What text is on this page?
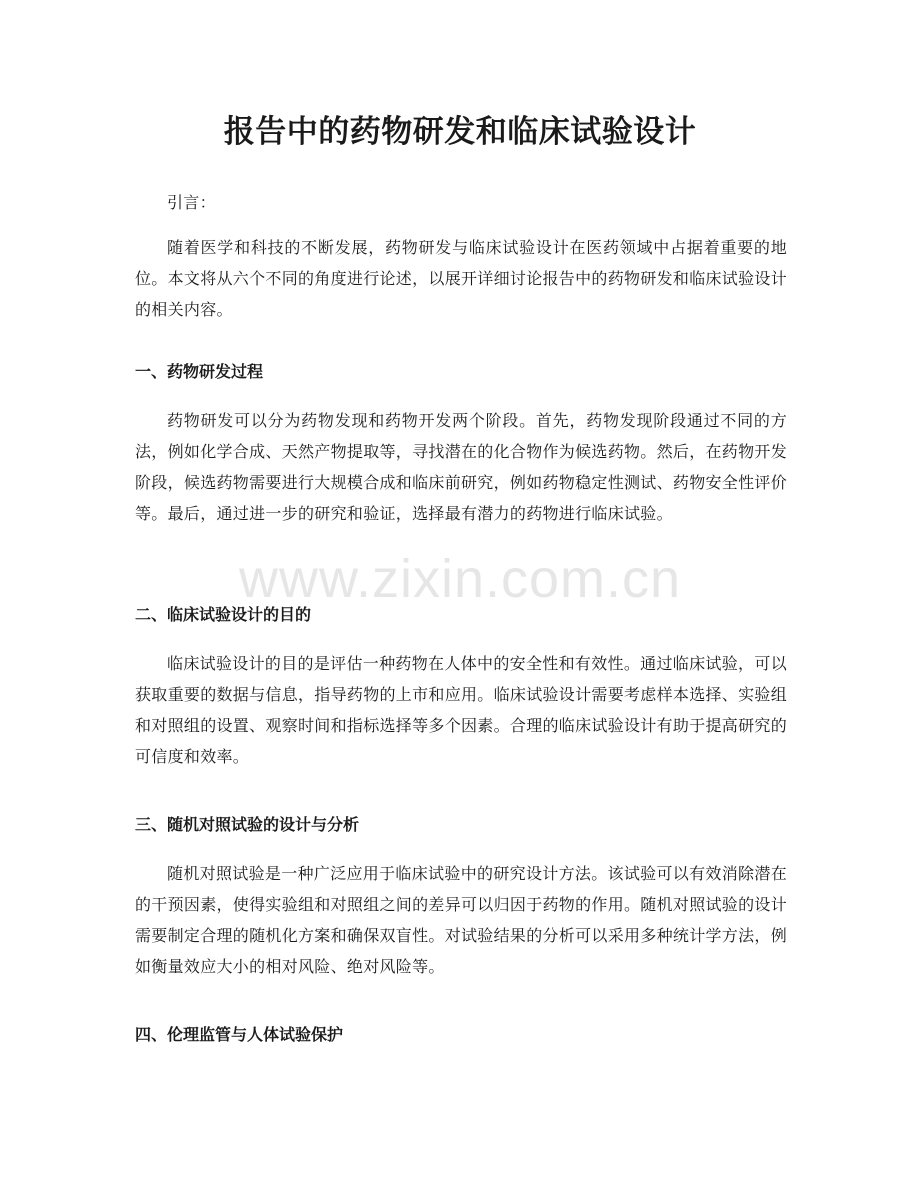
报告中的药物研发和临床试验设计

引言：

随着医学和科技的不断发展，药物研发与临床试验设计在医药领域中占据着重要的地位。本文将从六个不同的角度进行论述，以展开详细讨论报告中的药物研发和临床试验设计的相关内容。

一、药物研发过程

药物研发可以分为药物发现和药物开发两个阶段。首先，药物发现阶段通过不同的方法，例如化学合成、天然产物提取等，寻找潜在的化合物作为候选药物。然后，在药物开发阶段，候选药物需要进行大规模合成和临床前研究，例如药物稳定性测试、药物安全性评价等。最后，通过进一步的研究和验证，选择最有潜力的药物进行临床试验。

二、临床试验设计的目的

临床试验设计的目的是评估一种药物在人体中的安全性和有效性。通过临床试验，可以获取重要的数据与信息，指导药物的上市和应用。临床试验设计需要考虑样本选择、实验组和对照组的设置、观察时间和指标选择等多个因素。合理的临床试验设计有助于提高研究的可信度和效率。

三、随机对照试验的设计与分析

随机对照试验是一种广泛应用于临床试验中的研究设计方法。该试验可以有效消除潜在的干预因素，使得实验组和对照组之间的差异可以归因于药物的作用。随机对照试验的设计需要制定合理的随机化方案和确保双盲性。对试验结果的分析可以采用多种统计学方法，例如衡量效应大小的相对风险、绝对风险等。

四、伦理监管与人体试验保护
www.zixin.com.cn
